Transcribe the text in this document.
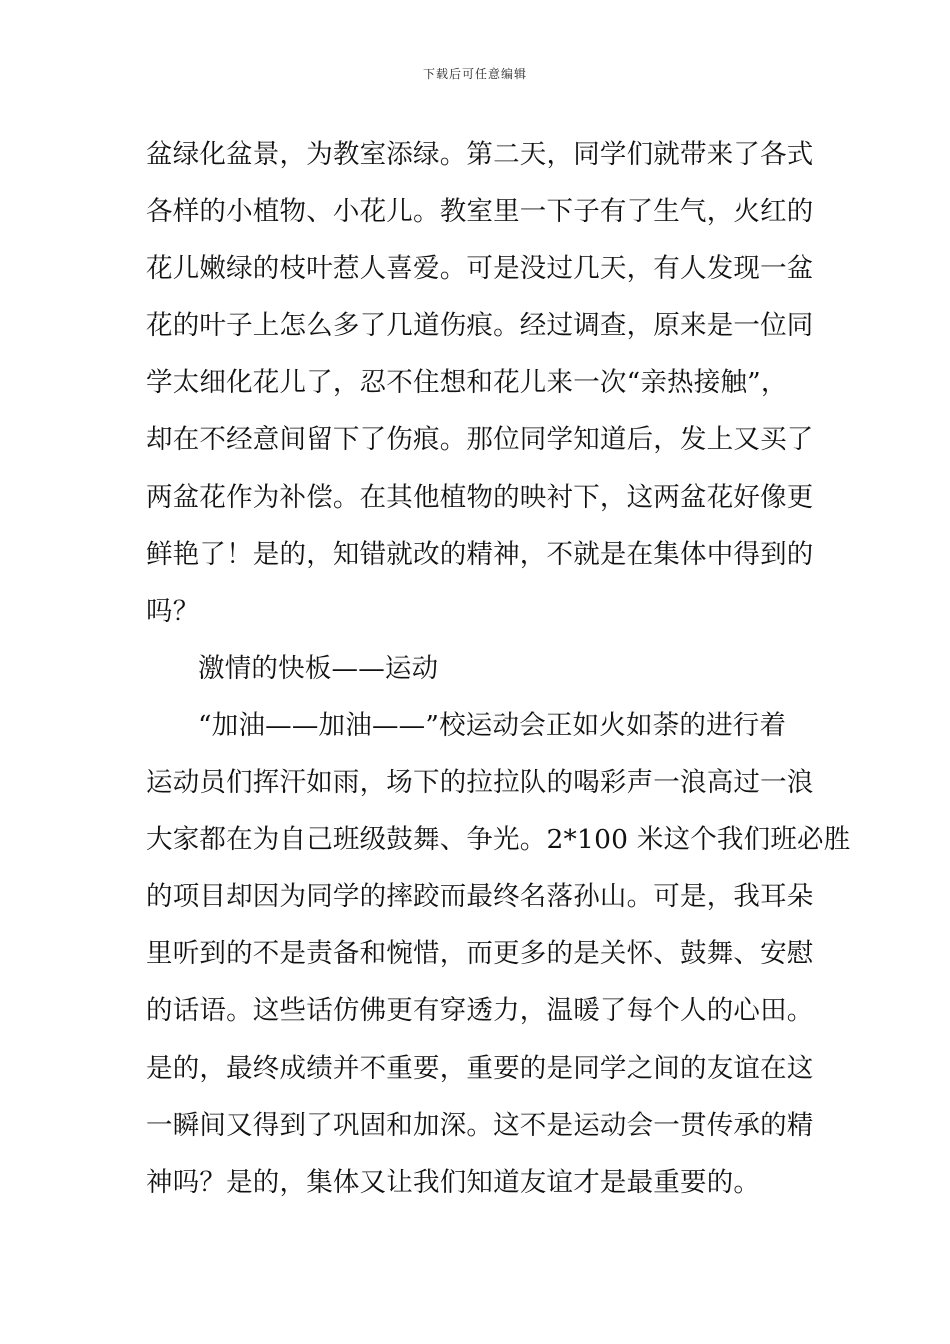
下载后可任意编辑
盆绿化盆景，为教室添绿。第二天，同学们就带来了各式
各样的小植物、小花儿。教室里一下子有了生气，火红的
花儿嫩绿的枝叶惹人喜爱。可是没过几天，有人发现一盆
花的叶子上怎么多了几道伤痕。经过调查，原来是一位同
学太细化花儿了，忍不住想和花儿来一次“亲热接触”，
却在不经意间留下了伤痕。那位同学知道后，发上又买了
两盆花作为补偿。在其他植物的映衬下，这两盆花好像更
鲜艳了！是的，知错就改的精神，不就是在集体中得到的
吗？
激情的快板——运动
“加油——加油——”校运动会正如火如荼的进行着
运动员们挥汗如雨，场下的拉拉队的喝彩声一浪高过一浪
大家都在为自己班级鼓舞、争光。2*100 米这个我们班必胜
的项目却因为同学的摔跤而最终名落孙山。可是，我耳朵
里听到的不是责备和惋惜，而更多的是关怀、鼓舞、安慰
的话语。这些话仿佛更有穿透力，温暖了每个人的心田。
是的，最终成绩并不重要，重要的是同学之间的友谊在这
一瞬间又得到了巩固和加深。这不是运动会一贯传承的精
神吗？是的，集体又让我们知道友谊才是最重要的。
